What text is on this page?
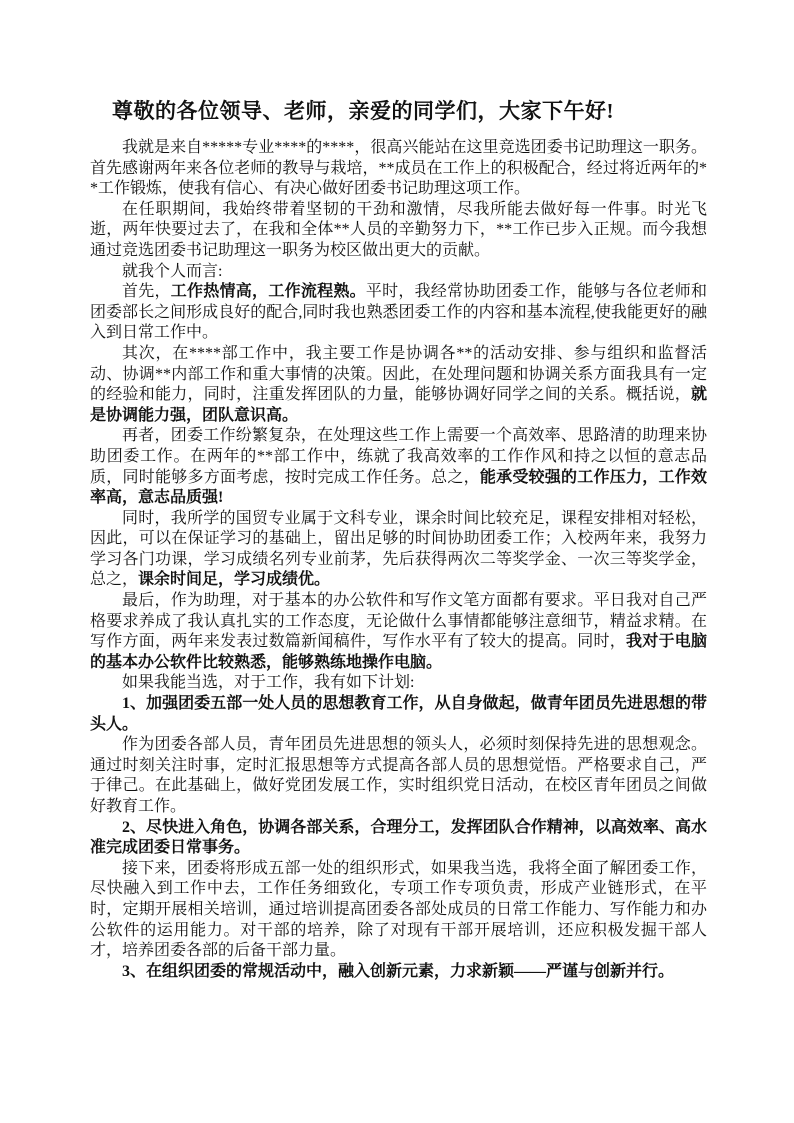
尊敬的各位领导、老师，亲爱的同学们，大家下午好!

我就是来自*****专业****的****，很高兴能站在这里竞选团委书记助理这一职务。首先感谢两年来各位老师的教导与栽培，**成员在工作上的积极配合，经过将近两年的**工作锻炼，使我有信心、有决心做好团委书记助理这项工作。

在任职期间，我始终带着坚韧的干劲和激情，尽我所能去做好每一件事。时光飞逝，两年快要过去了，在我和全体**人员的辛勤努力下，**工作已步入正规。而今我想通过竞选团委书记助理这一职务为校区做出更大的贡献。

就我个人而言:

首先，工作热情高，工作流程熟。平时，我经常协助团委工作，能够与各位老师和团委部长之间形成良好的配合,同时我也熟悉团委工作的内容和基本流程,使我能更好的融入到日常工作中。

其次，在****部工作中，我主要工作是协调各**的活动安排、参与组织和监督活动、协调**内部工作和重大事情的决策。因此，在处理问题和协调关系方面我具有一定的经验和能力，同时，注重发挥团队的力量，能够协调好同学之间的关系。概括说，就是协调能力强，团队意识高。

再者，团委工作纷繁复杂，在处理这些工作上需要一个高效率、思路清的助理来协助团委工作。在两年的**部工作中，练就了我高效率的工作作风和持之以恒的意志品质，同时能够多方面考虑，按时完成工作任务。总之，能承受较强的工作压力，工作效率高，意志品质强!

同时，我所学的国贸专业属于文科专业，课余时间比较充足，课程安排相对轻松，因此，可以在保证学习的基础上，留出足够的时间协助团委工作；入校两年来，我努力学习各门功课，学习成绩名列专业前茅，先后获得两次二等奖学金、一次三等奖学金，总之，课余时间足，学习成绩优。

最后，作为助理，对于基本的办公软件和写作文笔方面都有要求。平日我对自己严格要求养成了我认真扎实的工作态度，无论做什么事情都能够注意细节，精益求精。在写作方面，两年来发表过数篇新闻稿件，写作水平有了较大的提高。同时，我对于电脑的基本办公软件比较熟悉，能够熟练地操作电脑。

如果我能当选，对于工作，我有如下计划:

1、加强团委五部一处人员的思想教育工作，从自身做起，做青年团员先进思想的带头人。

作为团委各部人员，青年团员先进思想的领头人，必须时刻保持先进的思想观念。通过时刻关注时事，定时汇报思想等方式提高各部人员的思想觉悟。严格要求自己，严于律己。在此基础上，做好党团发展工作，实时组织党日活动，在校区青年团员之间做好教育工作。

2、尽快进入角色，协调各部关系，合理分工，发挥团队合作精神，以高效率、高水准完成团委日常事务。

接下来，团委将形成五部一处的组织形式，如果我当选，我将全面了解团委工作，尽快融入到工作中去，工作任务细致化，专项工作专项负责，形成产业链形式，在平时，定期开展相关培训，通过培训提高团委各部处成员的日常工作能力、写作能力和办公软件的运用能力。对干部的培养，除了对现有干部开展培训，还应积极发掘干部人才，培养团委各部的后备干部力量。

3、在组织团委的常规活动中，融入创新元素，力求新颖——严谨与创新并行。
